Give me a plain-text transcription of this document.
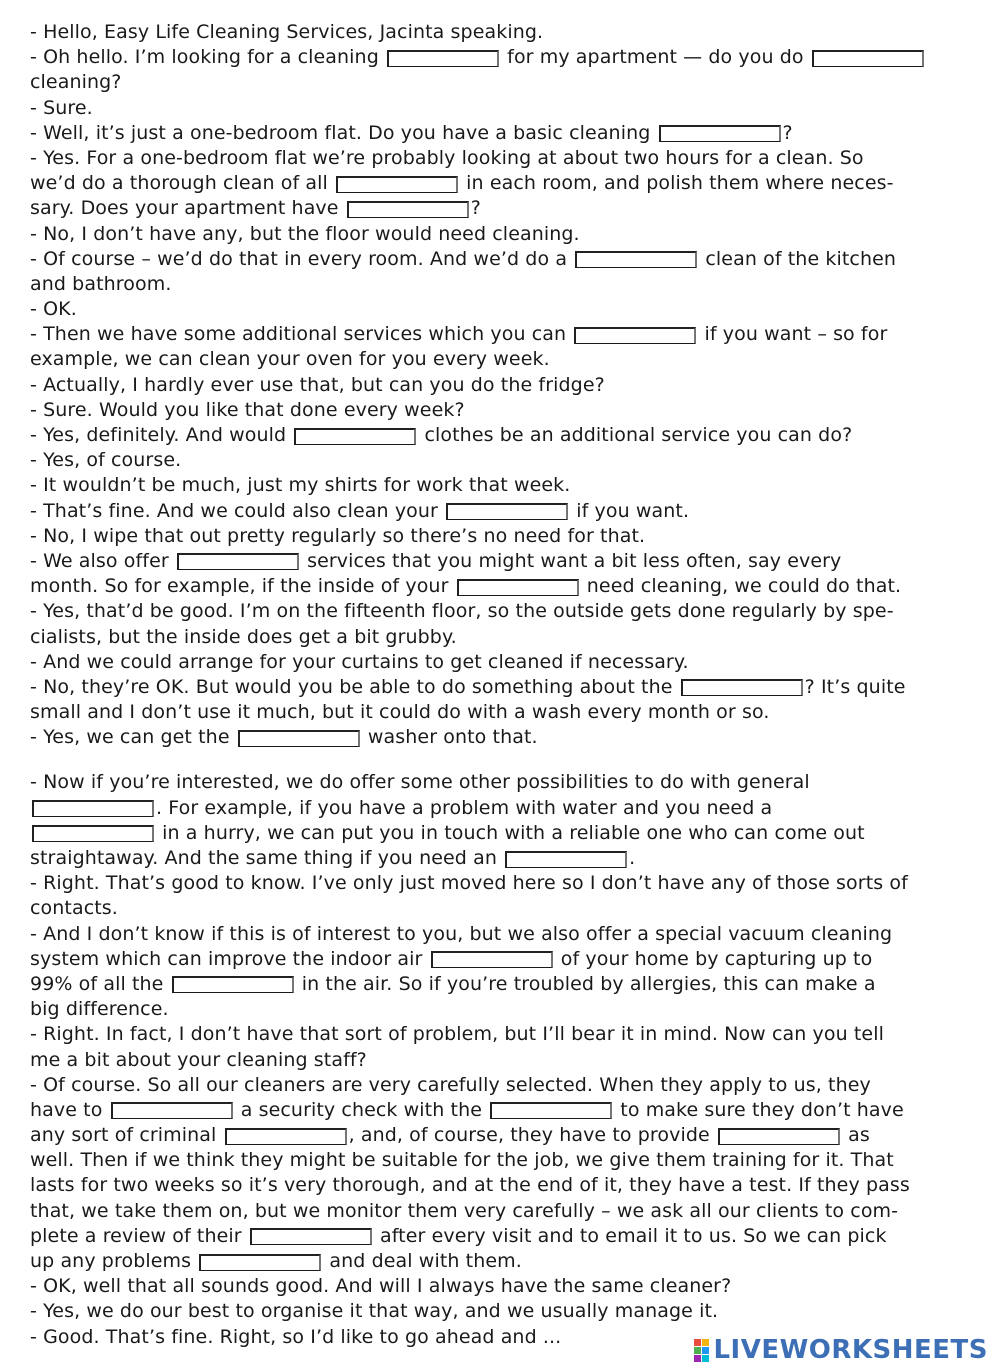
- Hello, Easy Life Cleaning Services, Jacinta speaking.
- Oh hello. I’m looking for a cleaning	for my apartment — do you do
cleaning?
- Sure.
- Well, it’s just a one-bedroom flat. Do you have a basic cleaning	?
- Yes. For a one-bedroom flat we’re probably looking at about two hours for a clean. So
we’d do a thorough clean of all	in each room, and polish them where neces-
sary. Does your apartment have	?
- No, I don’t have any, but the floor would need cleaning.
- Of course – we’d do that in every room. And we’d do a	clean of the kitchen
and bathroom.
- OK.
- Then we have some additional services which you can	if you want – so for
example, we can clean your oven for you every week.
- Actually, I hardly ever use that, but can you do the fridge?
- Sure. Would you like that done every week?
- Yes, definitely. And would	clothes be an additional service you can do?
- Yes, of course.
- It wouldn’t be much, just my shirts for work that week.
- That’s fine. And we could also clean your	if you want.
- No, I wipe that out pretty regularly so there’s no need for that.
- We also offer	services that you might want a bit less often, say every
month. So for example, if the inside of your	need cleaning, we could do that.
- Yes, that’d be good. I’m on the fifteenth floor, so the outside gets done regularly by spe-
cialists, but the inside does get a bit grubby.
- And we could arrange for your curtains to get cleaned if necessary.
- No, they’re OK. But would you be able to do something about the	? It’s quite
small and I don’t use it much, but it could do with a wash every month or so.
- Yes, we can get the	washer onto that.
- Now if you’re interested, we do offer some other possibilities to do with general
. For example, if you have a problem with water and you need a
in a hurry, we can put you in touch with a reliable one who can come out
straightaway. And the same thing if you need an	.
- Right. That’s good to know. I’ve only just moved here so I don’t have any of those sorts of
contacts.
- And I don’t know if this is of interest to you, but we also offer a special vacuum cleaning
system which can improve the indoor air	of your home by capturing up to
99% of all the	in the air. So if you’re troubled by allergies, this can make a
big difference.
- Right. In fact, I don’t have that sort of problem, but I’ll bear it in mind. Now can you tell
me a bit about your cleaning staff?
- Of course. So all our cleaners are very carefully selected. When they apply to us, they
have to	a security check with the	to make sure they don’t have
any sort of criminal	, and, of course, they have to provide	as
well. Then if we think they might be suitable for the job, we give them training for it. That
lasts for two weeks so it’s very thorough, and at the end of it, they have a test. If they pass
that, we take them on, but we monitor them very carefully – we ask all our clients to com-
plete a review of their	after every visit and to email it to us. So we can pick
up any problems	and deal with them.
- OK, well that all sounds good. And will I always have the same cleaner?
- Yes, we do our best to organise it that way, and we usually manage it.
- Good. That’s fine. Right, so I’d like to go ahead and ...	LIVEWORKSHEETS
